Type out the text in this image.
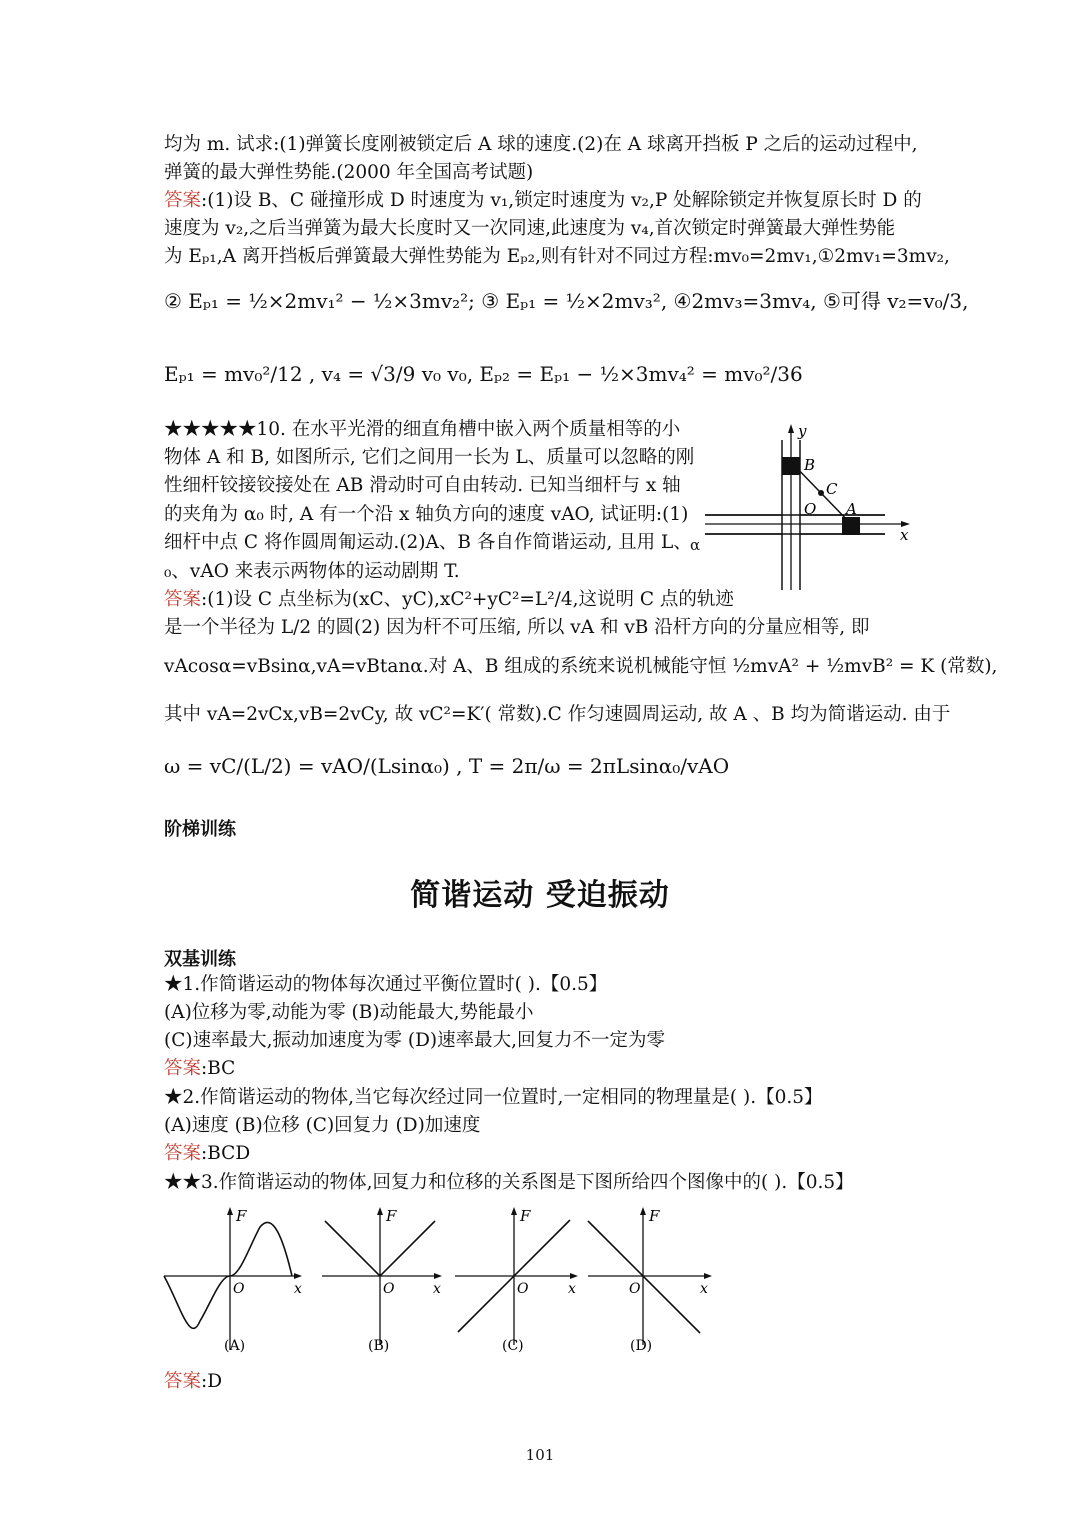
均为 m. 试求:(1)弹簧长度刚被锁定后 A 球的速度.(2)在 A 球离开挡板 P 之后的运动过程中,
弹簧的最大弹性势能.(2000 年全国高考试题)
答案:(1)设 B、C 碰撞形成 D 时速度为 v₁,锁定时速度为 v₂,P 处解除锁定并恢复原长时 D 的
速度为 v₂,之后当弹簧为最大长度时又一次同速,此速度为 v₄,首次锁定时弹簧最大弹性势能
为 Eₚ₁,A 离开挡板后弹簧最大弹性势能为 Eₚ₂,则有针对不同过方程:mv₀=2mv₁,①2mv₁=3mv₂,
② Eₚ₁ = ½×2mv₁² − ½×3mv₂²; ③ Eₚ₁ = ½×2mv₃², ④2mv₃=3mv₄, ⑤可得 v₂=v₀/3,
Eₚ₁ = mv₀²/12 , v₄ = √3/9 v₀ v₀, Eₚ₂ = Eₚ₁ − ½×3mv₄² = mv₀²/36
★★★★★10. 在水平光滑的细直角槽中嵌入两个质量相等的小
物体 A 和 B, 如图所示, 它们之间用一长为 L、质量可以忽略的刚
性细杆铰接铰接处在 AB 滑动时可自由转动. 已知当细杆与 x 轴
的夹角为 α₀ 时, A 有一个沿 x 轴负方向的速度 vAO, 试证明:(1)
细杆中点 C 将作圆周匍运动.(2)A、B 各自作简谐运动, 且用 L、
α
₀、vAO 来表示两物体的运动剧期 T.
答案:(1)设 C 点坐标为(xC、yC),xC²+yC²=L²/4,这说明 C 点的轨迹
是一个半径为 L/2 的圆(2) 因为杆不可压缩, 所以 vA 和 vB 沿杆方向的分量应相等, 即
vAcosα=vBsinα,vA=vBtanα.对 A、B 组成的系统来说机械能守恒 ½mvA² + ½mvB² = K (常数),
其中 vA=2vCx,vB=2vCy, 故 vC²=K′( 常数).C 作匀速圆周运动, 故 A 、B 均为简谐运动. 由于
ω = vC/(L/2) = vAO/(Lsinα₀) , T = 2π/ω = 2πLsinα₀/vAO
y
x
B
C
O A
阶梯训练
简谐运动 受迫振动
双基训练
★1.作简谐运动的物体每次通过平衡位置时( ).【0.5】
(A)位移为零,动能为零 (B)动能最大,势能最小
(C)速率最大,振动加速度为零 (D)速率最大,回复力不一定为零
答案:BC
★2.作简谐运动的物体,当它每次经过同一位置时,一定相同的物理量是( ).【0.5】
(A)速度 (B)位移 (C)回复力 (D)加速度
答案:BCD
★★3.作简谐运动的物体,回复力和位移的关系图是下图所给四个图像中的( ).【0.5】
F
x
O
(A)
F
x
O
(B)
F
x
O
(C)
F
x
O
(D)
答案:D
101
